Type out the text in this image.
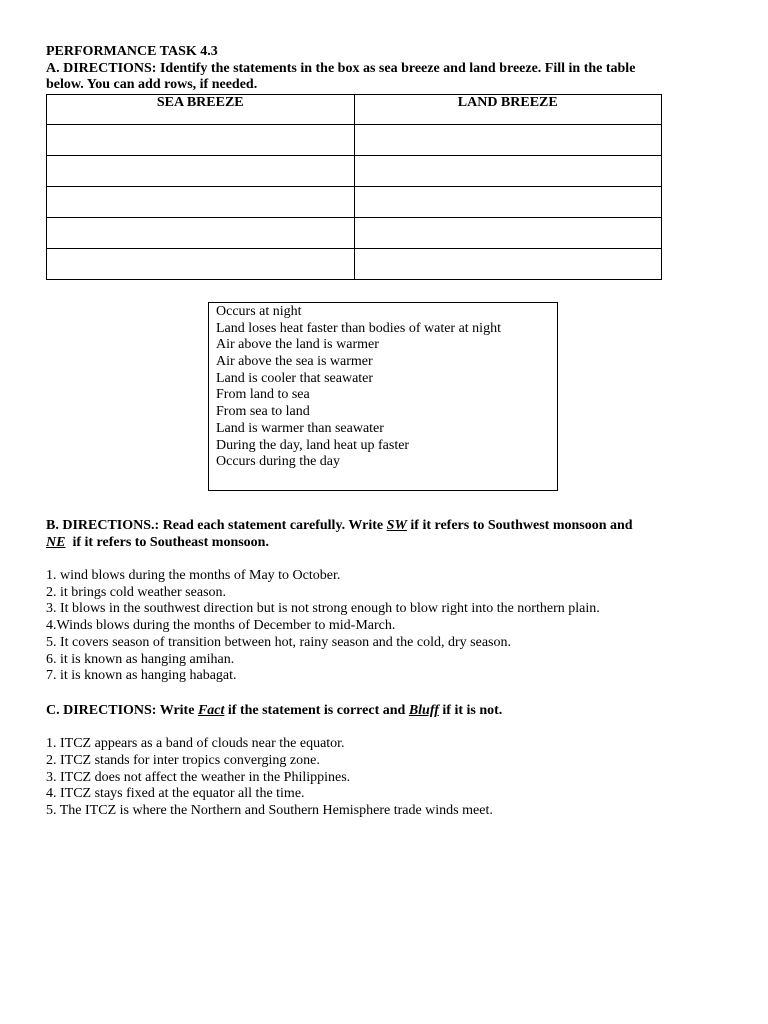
PERFORMANCE TASK 4.3
A. DIRECTIONS: Identify the statements in the box as sea breeze and land breeze. Fill in the table
below. You can add rows, if needed.
SEA BREEZE	LAND BREEZE

Occurs at night
Land loses heat faster than bodies of water at night
Air above the land is warmer
Air above the sea is warmer
Land is cooler that seawater
From land to sea
From sea to land
Land is warmer than seawater
During the day, land heat up faster
Occurs during the day
B. DIRECTIONS.: Read each statement carefully. Write SW if it refers to Southwest monsoon and
NE  if it refers to Southeast monsoon.
1. wind blows during the months of May to October.
2. it brings cold weather season.
3. It blows in the southwest direction but is not strong enough to blow right into the northern plain.
4.Winds blows during the months of December to mid-March.
5. It covers season of transition between hot, rainy season and the cold, dry season.
6. it is known as hanging amihan.
7. it is known as hanging habagat.
C. DIRECTIONS: Write Fact if the statement is correct and Bluff if it is not.
1. ITCZ appears as a band of clouds near the equator.
2. ITCZ stands for inter tropics converging zone.
3. ITCZ does not affect the weather in the Philippines.
4. ITCZ stays fixed at the equator all the time.
5. The ITCZ is where the Northern and Southern Hemisphere trade winds meet.
